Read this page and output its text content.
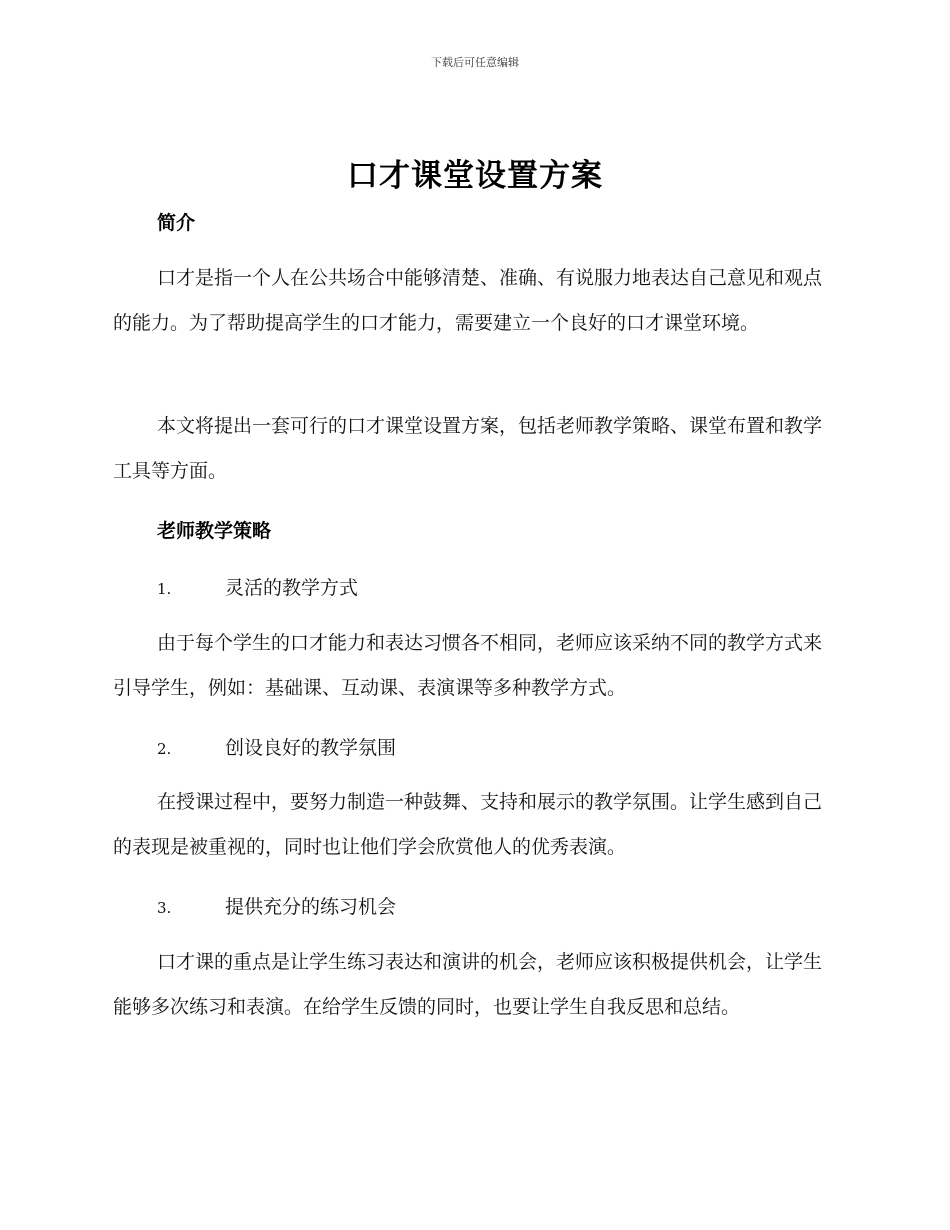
下载后可任意编辑
口才课堂设置方案
简介
口才是指一个人在公共场合中能够清楚、准确、有说服力地表达自己意见和观点的能力。为了帮助提高学生的口才能力，需要建立一个良好的口才课堂环境。
本文将提出一套可行的口才课堂设置方案，包括老师教学策略、课堂布置和教学工具等方面。
老师教学策略
1.	灵活的教学方式
由于每个学生的口才能力和表达习惯各不相同，老师应该采纳不同的教学方式来引导学生，例如：基础课、互动课、表演课等多种教学方式。
2.	创设良好的教学氛围
在授课过程中，要努力制造一种鼓舞、支持和展示的教学氛围。让学生感到自己的表现是被重视的，同时也让他们学会欣赏他人的优秀表演。
3.	提供充分的练习机会
口才课的重点是让学生练习表达和演讲的机会，老师应该积极提供机会，让学生能够多次练习和表演。在给学生反馈的同时，也要让学生自我反思和总结。
